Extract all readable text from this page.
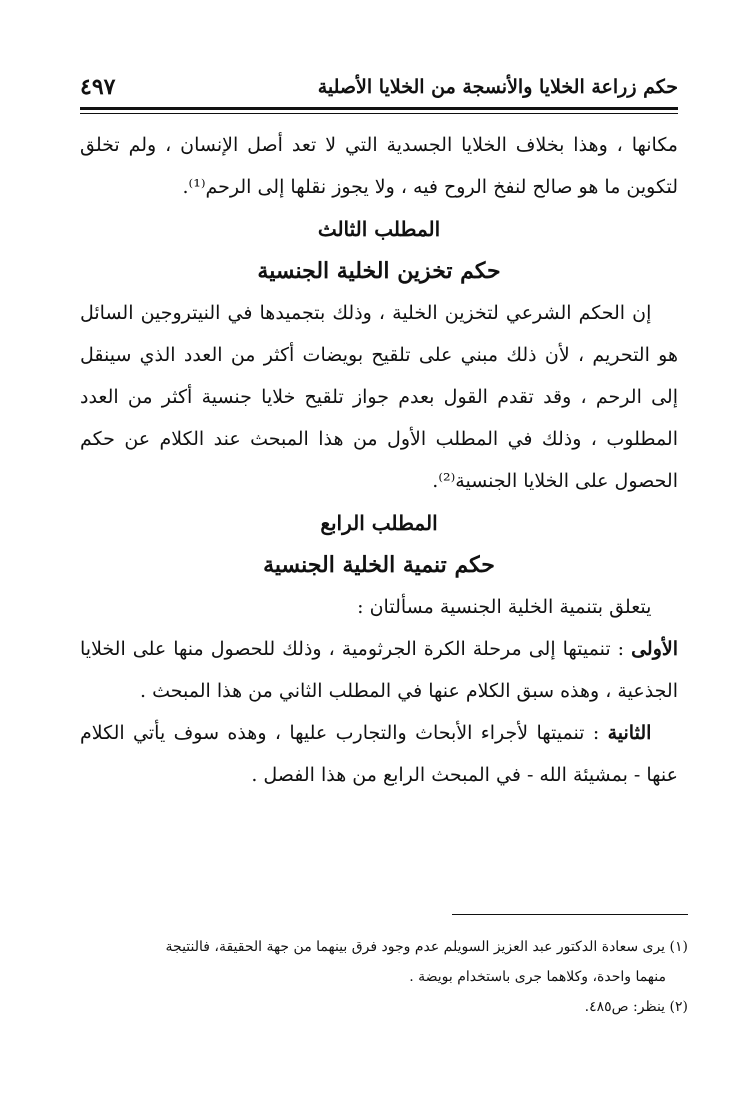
حكم زراعة الخلايا والأنسجة من الخلايا الأصلية
٤٩٧

مكانها ، وهذا بخلاف الخلايا الجسدية التي لا تعد أصل الإنسان ، ولم تخلق لتكوين ما هو صالح لنفخ الروح فيه ، ولا يجوز نقلها إلى الرحم⁽¹⁾.

المطلب الثالث

حكم تخزين الخلية الجنسية

إن الحكم الشرعي لتخزين الخلية ، وذلك بتجميدها في النيتروجين السائل هو التحريم ، لأن ذلك مبني على تلقيح بويضات أكثر من العدد الذي سينقل إلى الرحم ، وقد تقدم القول بعدم جواز تلقيح خلايا جنسية أكثر من العدد المطلوب ، وذلك في المطلب الأول من هذا المبحث عند الكلام عن حكم الحصول على الخلايا الجنسية⁽²⁾.

المطلب الرابع

حكم تنمية الخلية الجنسية

يتعلق بتنمية الخلية الجنسية مسألتان :

الأولى : تنميتها إلى مرحلة الكرة الجرثومية ، وذلك للحصول منها على الخلايا الجذعية ، وهذه سبق الكلام عنها في المطلب الثاني من هذا المبحث .

الثانية : تنميتها لأجراء الأبحاث والتجارب عليها ، وهذه سوف يأتي الكلام عنها - بمشيئة الله - في المبحث الرابع من هذا الفصل .

(١) يرى سعادة الدكتور عبد العزيز السويلم عدم وجود فرق بينهما من جهة الحقيقة، فالنتيجة

منهما واحدة، وكلاهما جرى باستخدام بويضة .

(٢) ينظر: ص٤٨٥.
